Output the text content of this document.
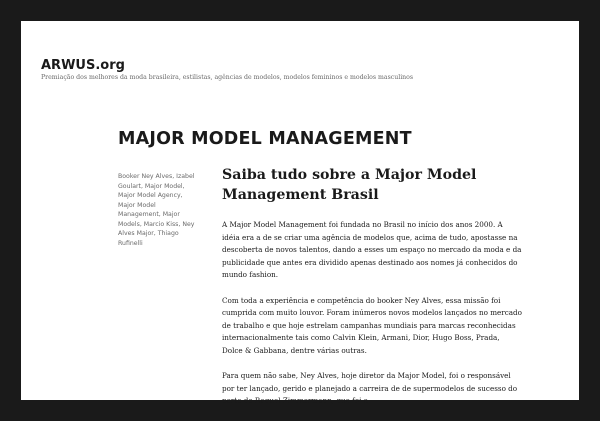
ARWUS.org

Premiação dos melhores da moda brasileira, estilistas, agências de modelos, modelos femininos e modelos masculinos

MAJOR MODEL MANAGEMENT
Booker Ney Alves, Izabel Goulart, Major Model, Major Model Agency, Major Model Management, Major Models, Marcio Kiss, Ney Alves Major, Thiago Rufinelli
Saiba tudo sobre a Major Model Management Brasil

A Major Model Management foi fundada no Brasil no início dos anos 2000. A idéia era a de se criar uma agência de modelos que, acima de tudo, apostasse na descoberta de novos talentos, dando a esses um espaço no mercado da moda e da publicidade que antes era dividido apenas destinado aos nomes já conhecidos do mundo fashion.

Com toda a experiência e competência do booker Ney Alves, essa missão foi cumprida com muito louvor. Foram inúmeros novos modelos lançados no mercado de trabalho e que hoje estrelam campanhas mundiais para marcas reconhecidas internacionalmente tais como Calvin Klein, Armani, Dior, Hugo Boss, Prada, Dolce & Gabbana, dentre várias outras.

Para quem não sabe, Ney Alves, hoje diretor da Major Model, foi o responsável por ter lançado, gerido e planejado a carreira de de supermodelos de sucesso do porte de Raquel Zimmermann, que foi a
